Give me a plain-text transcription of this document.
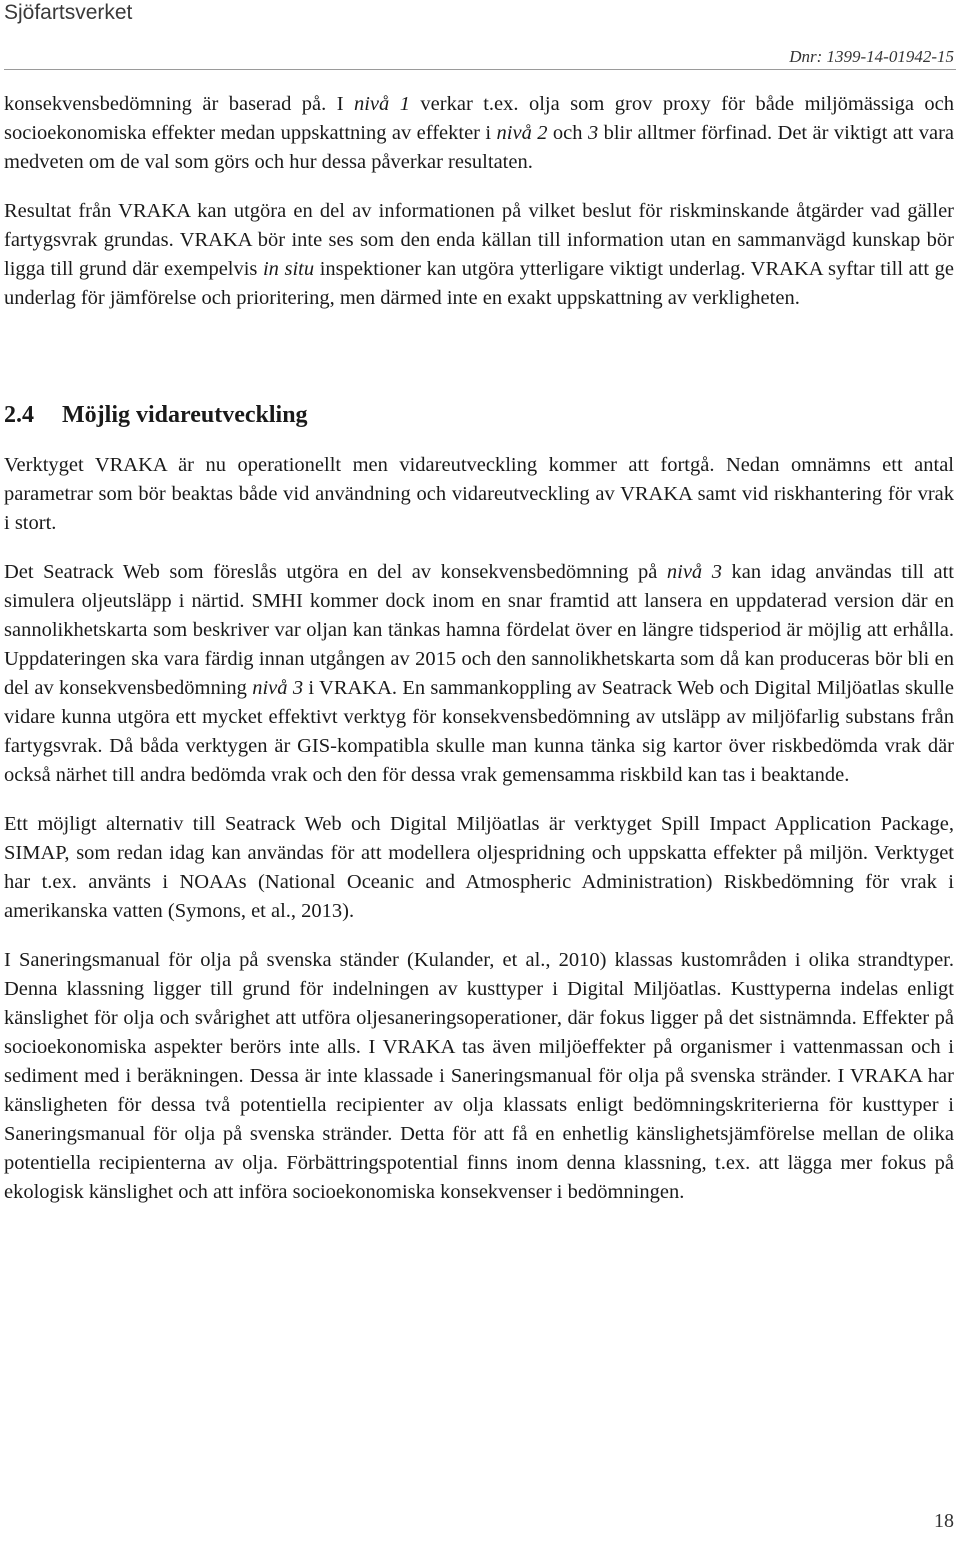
Sjöfartsverket
Dnr: 1399-14-01942-15

konsekvensbedömning är baserad på. I nivå 1 verkar t.ex. olja som grov proxy för både miljömässiga och socioekonomiska effekter medan uppskattning av effekter i nivå 2 och 3 blir alltmer förfinad. Det är viktigt att vara medveten om de val som görs och hur dessa påverkar resultaten.

Resultat från VRAKA kan utgöra en del av informationen på vilket beslut för riskminskande åtgärder vad gäller fartygsvrak grundas. VRAKA bör inte ses som den enda källan till information utan en sammanvägd kunskap bör ligga till grund där exempelvis in situ inspektioner kan utgöra ytterligare viktigt underlag. VRAKA syftar till att ge underlag för jämförelse och prioritering, men därmed inte en exakt uppskattning av verkligheten.

2.4 Möjlig vidareutveckling

Verktyget VRAKA är nu operationellt men vidareutveckling kommer att fortgå. Nedan omnämns ett antal parametrar som bör beaktas både vid användning och vidareutveckling av VRAKA samt vid riskhantering för vrak i stort.

Det Seatrack Web som föreslås utgöra en del av konsekvensbedömning på nivå 3 kan idag användas till att simulera oljeutsläpp i närtid. SMHI kommer dock inom en snar framtid att lansera en uppdaterad version där en sannolikhetskarta som beskriver var oljan kan tänkas hamna fördelat över en längre tidsperiod är möjlig att erhålla. Uppdateringen ska vara färdig innan utgången av 2015 och den sannolikhetskarta som då kan produceras bör bli en del av konsekvensbedömning nivå 3 i VRAKA. En sammankoppling av Seatrack Web och Digital Miljöatlas skulle vidare kunna utgöra ett mycket effektivt verktyg för konsekvensbedömning av utsläpp av miljöfarlig substans från fartygsvrak. Då båda verktygen är GIS-kompatibla skulle man kunna tänka sig kartor över riskbedömda vrak där också närhet till andra bedömda vrak och den för dessa vrak gemensamma riskbild kan tas i beaktande.

Ett möjligt alternativ till Seatrack Web och Digital Miljöatlas är verktyget Spill Impact Application Package, SIMAP, som redan idag kan användas för att modellera oljespridning och uppskatta effekter på miljön. Verktyget har t.ex. använts i NOAAs (National Oceanic and Atmospheric Administration) Riskbedömning för vrak i amerikanska vatten (Symons, et al., 2013).

I Saneringsmanual för olja på svenska ständer (Kulander, et al., 2010) klassas kustområden i olika strandtyper. Denna klassning ligger till grund för indelningen av kusttyper i Digital Miljöatlas. Kusttyperna indelas enligt känslighet för olja och svårighet att utföra oljesaneringsoperationer, där fokus ligger på det sistnämnda. Effekter på socioekonomiska aspekter berörs inte alls. I VRAKA tas även miljöeffekter på organismer i vattenmassan och i sediment med i beräkningen. Dessa är inte klassade i Saneringsmanual för olja på svenska stränder. I VRAKA har känsligheten för dessa två potentiella recipienter av olja klassats enligt bedömningskriterierna för kusttyper i Saneringsmanual för olja på svenska stränder. Detta för att få en enhetlig känslighetsjämförelse mellan de olika potentiella recipienterna av olja. Förbättringspotential finns inom denna klassning, t.ex. att lägga mer fokus på ekologisk känslighet och att införa socioekonomiska konsekvenser i bedömningen.

18
